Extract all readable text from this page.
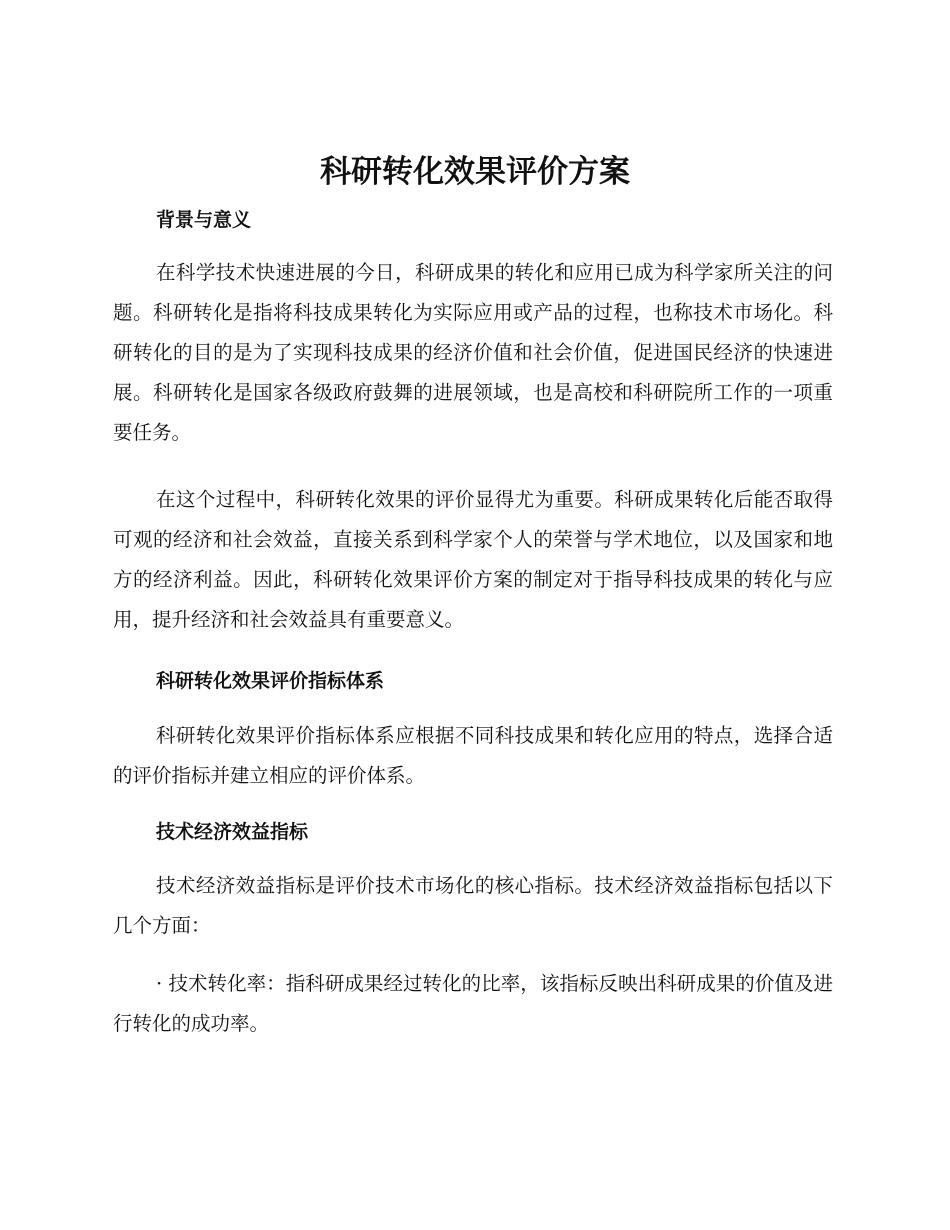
科研转化效果评价方案
背景与意义

在科学技术快速进展的今日，科研成果的转化和应用已成为科学家所关注的问题。科研转化是指将科技成果转化为实际应用或产品的过程，也称技术市场化。科研转化的目的是为了实现科技成果的经济价值和社会价值，促进国民经济的快速进展。科研转化是国家各级政府鼓舞的进展领域，也是高校和科研院所工作的一项重要任务。

在这个过程中，科研转化效果的评价显得尤为重要。科研成果转化后能否取得可观的经济和社会效益，直接关系到科学家个人的荣誉与学术地位，以及国家和地方的经济利益。因此，科研转化效果评价方案的制定对于指导科技成果的转化与应用，提升经济和社会效益具有重要意义。

科研转化效果评价指标体系

科研转化效果评价指标体系应根据不同科技成果和转化应用的特点，选择合适的评价指标并建立相应的评价体系。

技术经济效益指标

技术经济效益指标是评价技术市场化的核心指标。技术经济效益指标包括以下几个方面：

· 技术转化率：指科研成果经过转化的比率，该指标反映出科研成果的价值及进行转化的成功率。
